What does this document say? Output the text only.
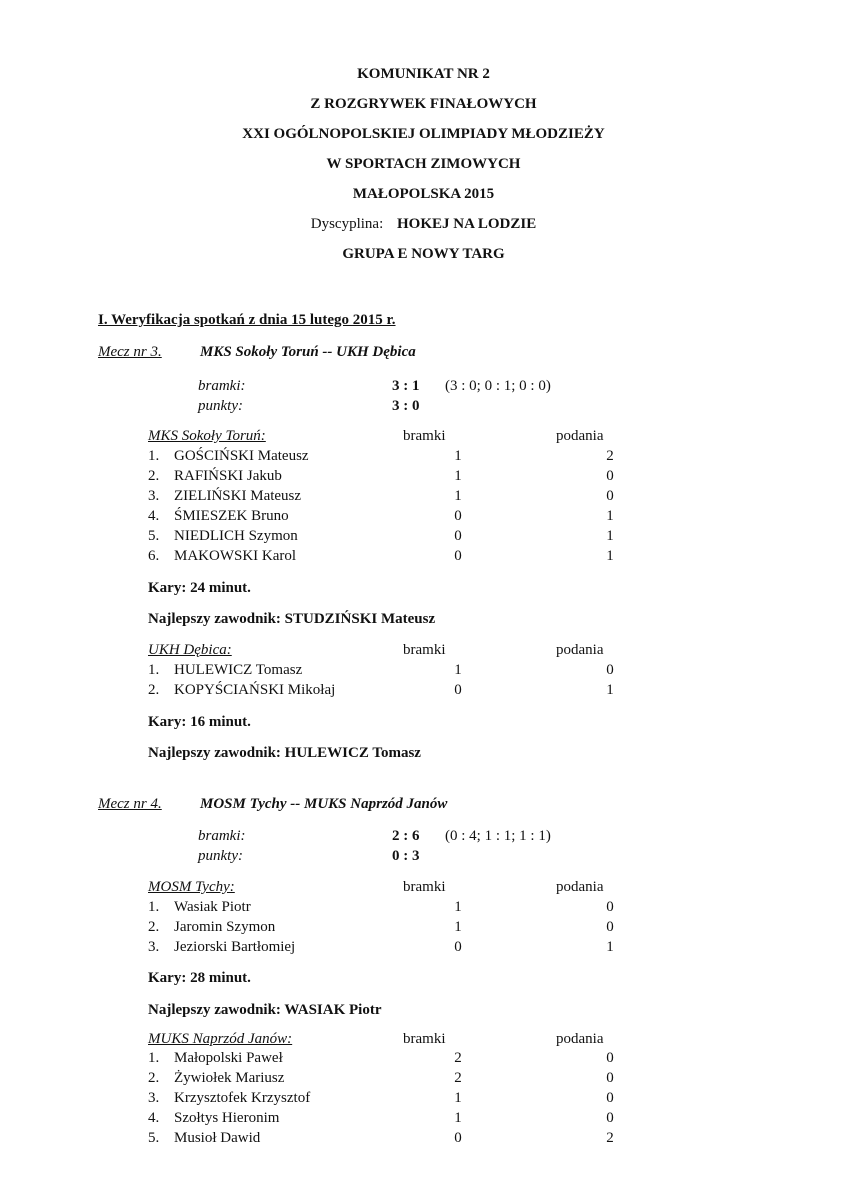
KOMUNIKAT NR 2
Z ROZGRYWEK FINAŁOWYCH
XXI OGÓLNOPOLSKIEJ OLIMPIADY MŁODZIEŻY
W SPORTACH ZIMOWYCH
MAŁOPOLSKA 2015
Dyscyplina: HOKEJ NA LODZIE
GRUPA E NOWY TARG
I. Weryfikacja spotkań z dnia 15 lutego 2015 r.
Mecz nr 3.	MKS Sokoły Toruń -- UKH Dębica
bramki:	3 : 1 (3 : 0; 0 : 1; 0 : 0)
punkty:	3 : 0
MKS Sokoły Toruń:	bramki	podania
1. GOŚCIŃSKI Mateusz	1	2
2. RAFIŃSKI Jakub	1	0
3. ZIELIŃSKI Mateusz	1	0
4. ŚMIESZEK Bruno	0	1
5. NIEDLICH Szymon	0	1
6. MAKOWSKI Karol	0	1
Kary: 24 minut.
Najlepszy zawodnik: STUDZIŃSKI Mateusz
UKH Dębica:	bramki	podania
1. HULEWICZ Tomasz	1	0
2. KOPYŚCIAŃSKI Mikołaj	0	1
Kary: 16 minut.
Najlepszy zawodnik: HULEWICZ Tomasz
Mecz nr 4.	MOSM Tychy -- MUKS Naprzód Janów
bramki:	2 : 6 (0 : 4; 1 : 1; 1 : 1)
punkty:	0 : 3
MOSM Tychy:	bramki	podania
1. Wasiak Piotr	1	0
2. Jaromin Szymon	1	0
3. Jeziorski Bartłomiej	0	1
Kary: 28 minut.
Najlepszy zawodnik: WASIAK Piotr
MUKS Naprzód Janów:	bramki	podania
1. Małopolski Paweł	2	0
2. Żywiołek Mariusz	2	0
3. Krzysztofek Krzysztof	1	0
4. Szołtys Hieronim	1	0
5. Musioł Dawid	0	2
